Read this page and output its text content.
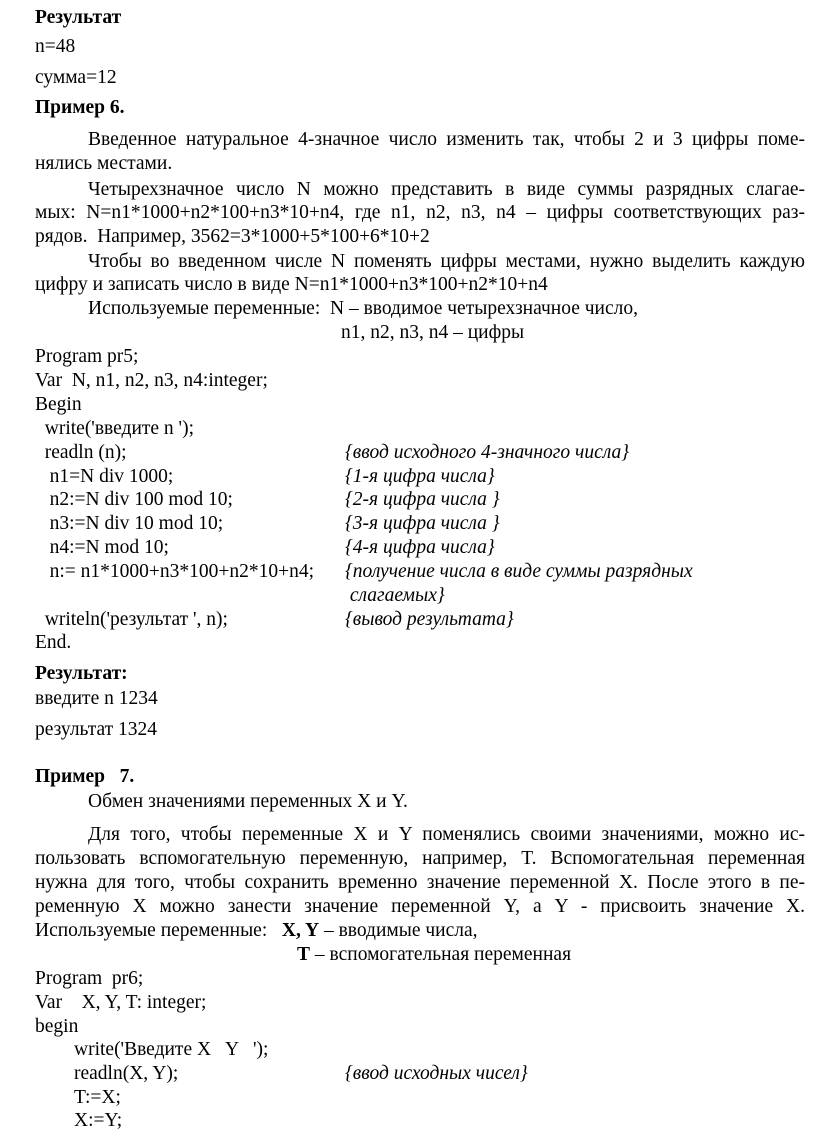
Результат
n=48
сумма=12
Пример 6.
Введенное натуральное 4-значное число изменить так, чтобы 2 и 3 цифры поме-
нялись местами.
Четырехзначное число N можно представить в виде суммы разрядных слагае-
мых: N=n1*1000+n2*100+n3*10+n4, где n1, n2, n3, n4 – цифры соответствующих раз-
рядов.  Например, 3562=3*1000+5*100+6*10+2
Чтобы во введенном числе N поменять цифры местами, нужно выделить каждую
цифру и записать число в виде N=n1*1000+n3*100+n2*10+n4
Используемые переменные:  N – вводимое четырехзначное число,
n1, n2, n3, n4 – цифры
Program pr5;
Var  N, n1, n2, n3, n4:integer;
Begin
write('введите n ');
readln (n);	{ввод исходного 4-значного числа}
n1=N div 1000;	{1-я цифра числа}
n2:=N div 100 mod 10;	{2-я цифра числа }
n3:=N div 10 mod 10;	{3-я цифра числа }
n4:=N mod 10;	{4-я цифра числа}
n:= n1*1000+n3*100+n2*10+n4; {получение числа в виде суммы разрядных
слагаемых}
writeln('результат ', n);	{вывод результата}
End.
Результат:
введите n 1234
результат 1324
Пример   7.
Обмен значениями переменных X и Y.
Для того, чтобы переменные X и Y поменялись своими значениями, можно ис-
пользовать вспомогательную переменную, например, T. Вспомогательная переменная
нужна для того, чтобы сохранить временно значение переменной X. После этого в пе-
ременную X можно занести значение переменной Y, а Y - присвоить значение X.
Используемые переменные:   X, Y – вводимые числа,
T – вспомогательная переменная
Program  pr6;
Var    X, Y, T: integer;
begin
write('Введите X   Y   ');
readln(X, Y);	{ввод исходных чисел}
T:=X;
X:=Y;
